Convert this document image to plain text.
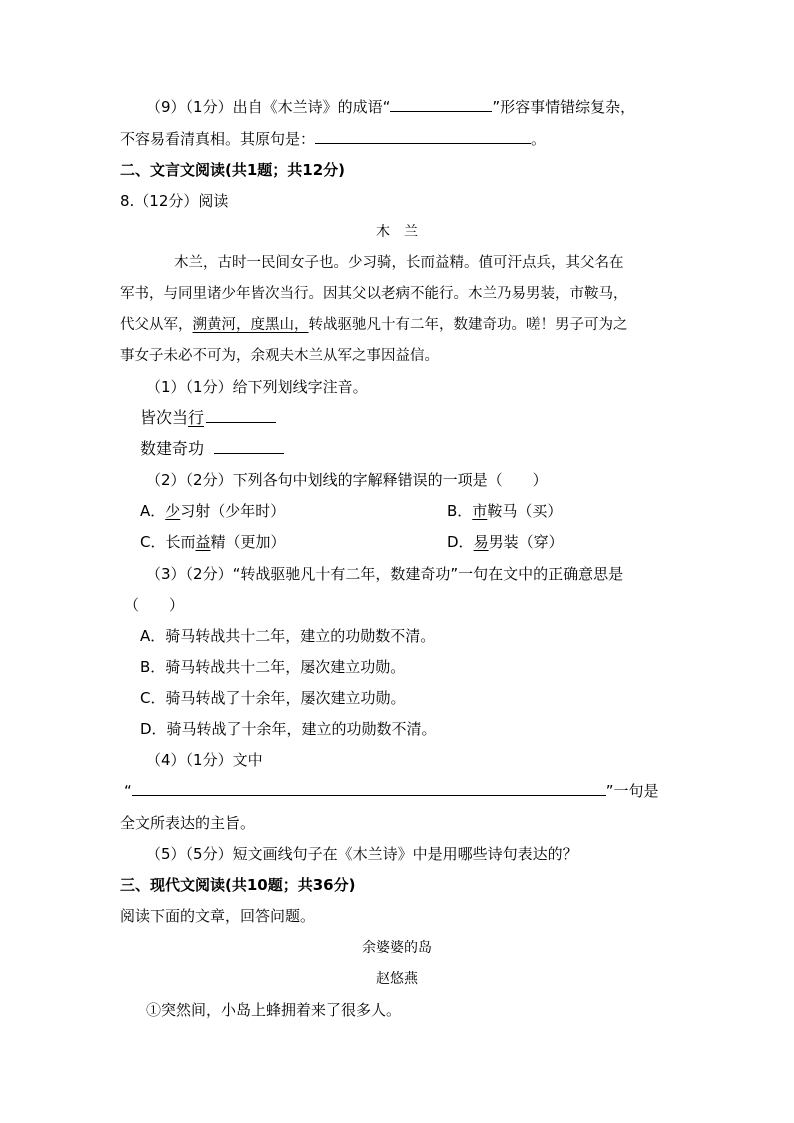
（9）（1分）出自《木兰诗》的成语“	”形容事情错综复杂，
不容易看清真相。其原句是：	。
二、文言文阅读(共1题；共12分)
8.（12分）阅读
木　兰
木兰，古时一民间女子也。少习骑，长而益精。值可汗点兵，其父名在
军书，与同里诸少年皆次当行。因其父以老病不能行。木兰乃易男装，市鞍马，
代父从军，溯黄河，度黑山，转战驱驰凡十有二年，数建奇功。嗟！男子可为之
事女子未必不可为，余观夫木兰从军之事因益信。
（1）（1分）给下列划线字注音。
皆次当行
数建奇功
（2）（2分）下列各句中划线的字解释错误的一项是（　　）
A．少习射（少年时）	B．市鞍马（买）
C．长而益精（更加）	D．易男装（穿）
（3）（2分）“转战驱驰凡十有二年，数建奇功”一句在文中的正确意思是
（　　）
A．骑马转战共十二年，建立的功勋数不清。
B．骑马转战共十二年，屡次建立功勋。
C．骑马转战了十余年，屡次建立功勋。
D．骑马转战了十余年，建立的功勋数不清。
（4）（1分）文中
“	”一句是
全文所表达的主旨。
（5）（5分）短文画线句子在《木兰诗》中是用哪些诗句表达的？
三、现代文阅读(共10题；共36分)
阅读下面的文章，回答问题。
余婆婆的岛
赵悠燕
①突然间，小岛上蜂拥着来了很多人。
